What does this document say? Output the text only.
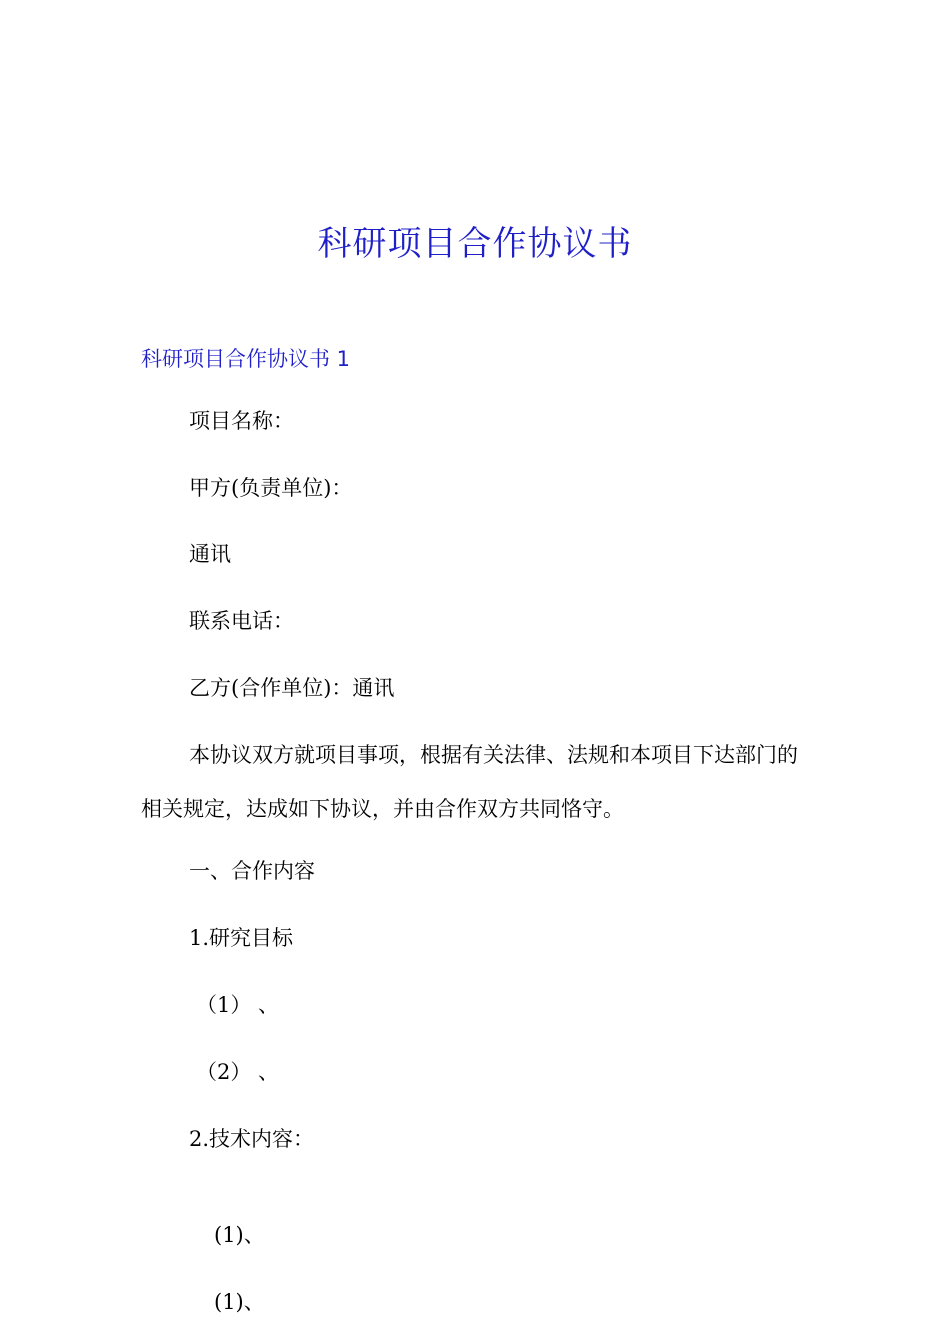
科研项目合作协议书
科研项目合作协议书 1
项目名称：
甲方(负责单位)：
通讯
联系电话：
乙方(合作单位)：通讯
本协议双方就项目事项，根据有关法律、法规和本项目下达部门的相关规定，达成如下协议，并由合作双方共同恪守。
一、合作内容
1.研究目标
（1） 、
（2） 、
2.技术内容：
(1)、
(1)、
